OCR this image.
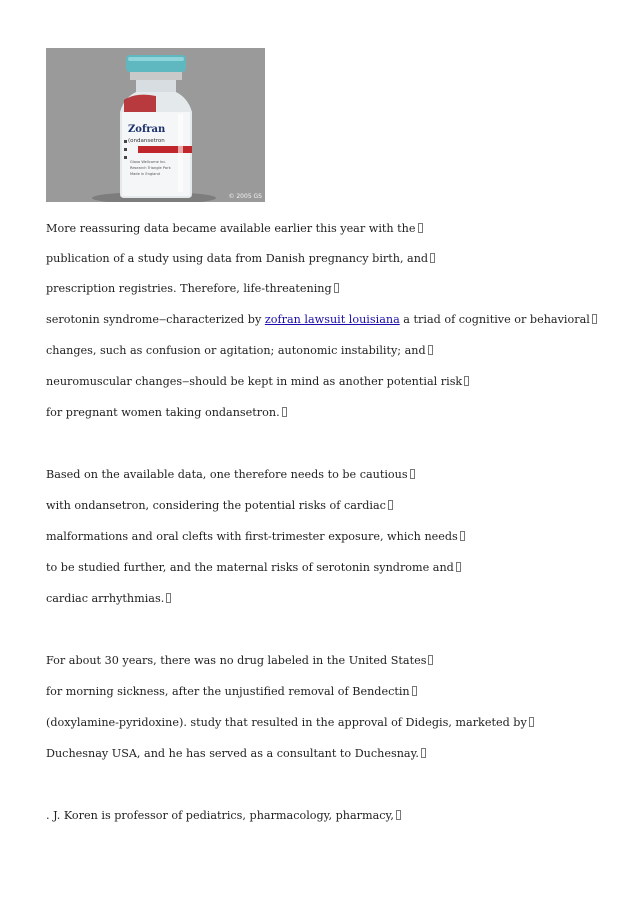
Zofran
(ondansetron
Glaxo Wellcome Inc.
Research Triangle Park
Made in England
© 2005 GS

More reassuring data became available earlier this year with the

publication of a study using data from Danish pregnancy birth, and

prescription registries. Therefore, life-threatening

serotonin syndrome‒characterized by zofran lawsuit louisiana a triad of cognitive or behavioral

changes, such as confusion or agitation; autonomic instability; and

neuromuscular changes‒should be kept in mind as another potential risk

for pregnant women taking ondansetron.

Based on the available data, one therefore needs to be cautious

with ondansetron, considering the potential risks of cardiac

malformations and oral clefts with first-trimester exposure, which needs

to be studied further, and the maternal risks of serotonin syndrome and

cardiac arrhythmias.

For about 30 years, there was no drug labeled in the United States

for morning sickness, after the unjustified removal of Bendectin

(doxylamine-pyridoxine). study that resulted in the approval of Didegis, marketed by

Duchesnay USA, and he has served as a consultant to Duchesnay.

. J. Koren is professor of pediatrics, pharmacology, pharmacy,
